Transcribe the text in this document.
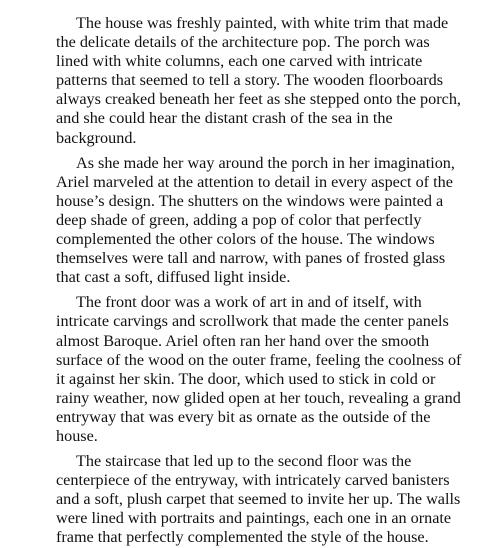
The house was freshly painted, with white trim that made
the delicate details of the architecture pop. The porch was
lined with white columns, each one carved with intricate
patterns that seemed to tell a story. The wooden floorboards
always creaked beneath her feet as she stepped onto the porch,
and she could hear the distant crash of the sea in the
background.

As she made her way around the porch in her imagination,
Ariel marveled at the attention to detail in every aspect of the
house’s design. The shutters on the windows were painted a
deep shade of green, adding a pop of color that perfectly
complemented the other colors of the house. The windows
themselves were tall and narrow, with panes of frosted glass
that cast a soft, diffused light inside.

The front door was a work of art in and of itself, with
intricate carvings and scrollwork that made the center panels
almost Baroque. Ariel often ran her hand over the smooth
surface of the wood on the outer frame, feeling the coolness of
it against her skin. The door, which used to stick in cold or
rainy weather, now glided open at her touch, revealing a grand
entryway that was every bit as ornate as the outside of the
house.

The staircase that led up to the second floor was the
centerpiece of the entryway, with intricately carved banisters
and a soft, plush carpet that seemed to invite her up. The walls
were lined with portraits and paintings, each one in an ornate
frame that perfectly complemented the style of the house.
